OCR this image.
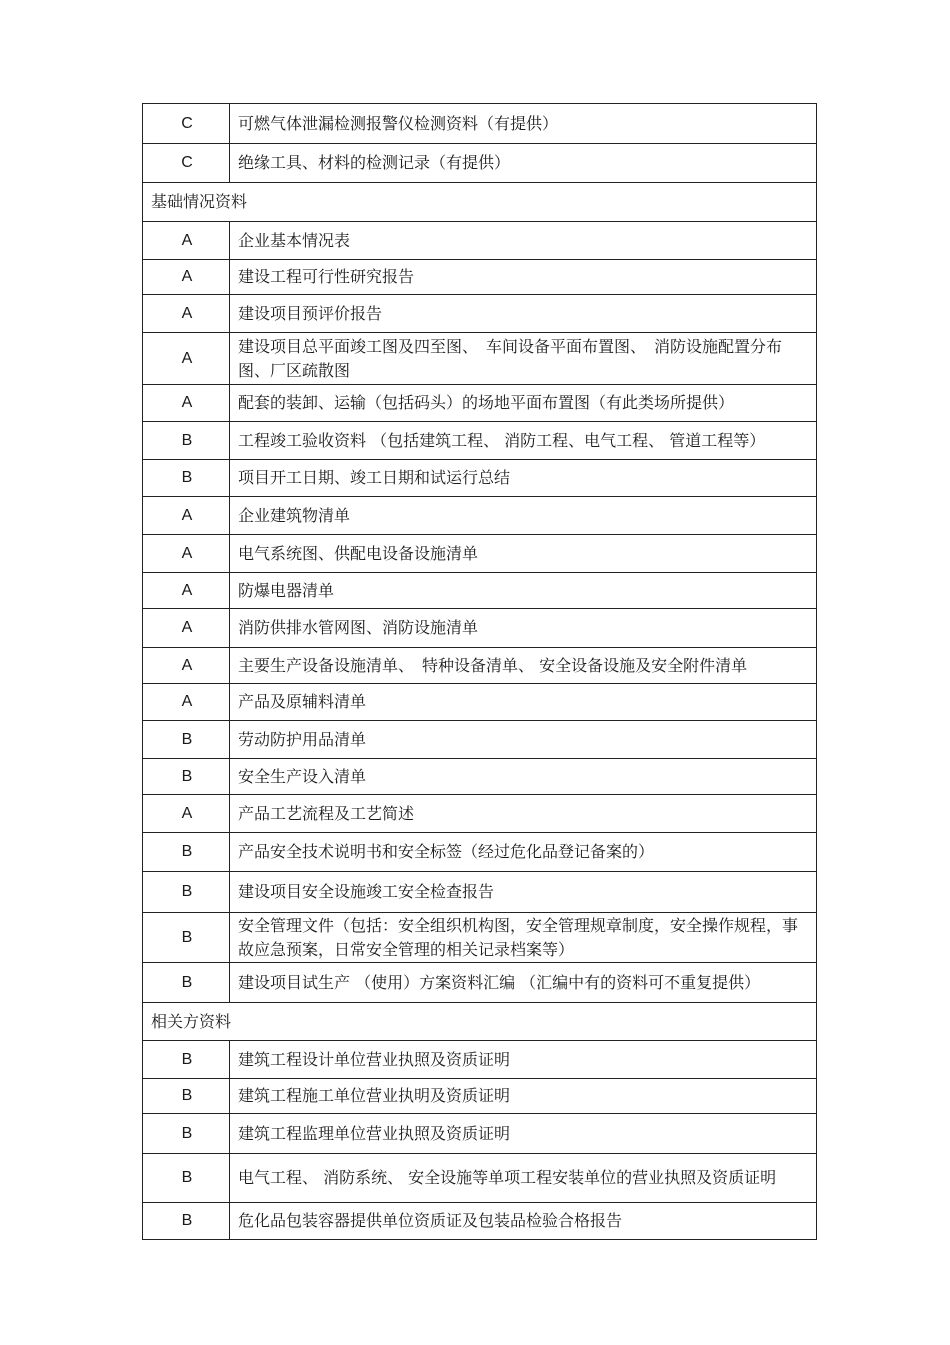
C	可燃气体泄漏检测报警仪检测资料（有提供）
C	绝缘工具、材料的检测记录（有提供）
基础情况资料	
A	企业基本情况表
A	建设工程可行性研究报告
A	建设项目预评价报告
A	建设项目总平面竣工图及四至图、　车间设备平面布置图、　消防设施配置分布图、厂区疏散图
A	配套的装卸、运输（包括码头）的场地平面布置图（有此类场所提供）
B	工程竣工验收资料 （包括建筑工程、 消防工程、电气工程、 管道工程等）
B	项目开工日期、竣工日期和试运行总结
A	企业建筑物清单
A	电气系统图、供配电设备设施清单
A	防爆电器清单
A	消防供排水管网图、消防设施清单
A	主要生产设备设施清单、　特种设备清单、 安全设备设施及安全附件清单
A	产品及原辅料清单
B	劳动防护用品清单
B	安全生产设入清单
A	产品工艺流程及工艺简述
B	产品安全技术说明书和安全标签（经过危化品登记备案的）
B	建设项目安全设施竣工安全检查报告
B	安全管理文件（包括：安全组织机构图，安全管理规章制度，安全操作规程，事故应急预案，日常安全管理的相关记录档案等）
B	建设项目试生产 （使用）方案资料汇编 （汇编中有的资料可不重复提供）
相关方资料	
B	建筑工程设计单位营业执照及资质证明
B	建筑工程施工单位营业执明及资质证明
B	建筑工程监理单位营业执照及资质证明
B	电气工程、 消防系统、 安全设施等单项工程安装单位的营业执照及资质证明
B	危化品包装容器提供单位资质证及包装品检验合格报告
